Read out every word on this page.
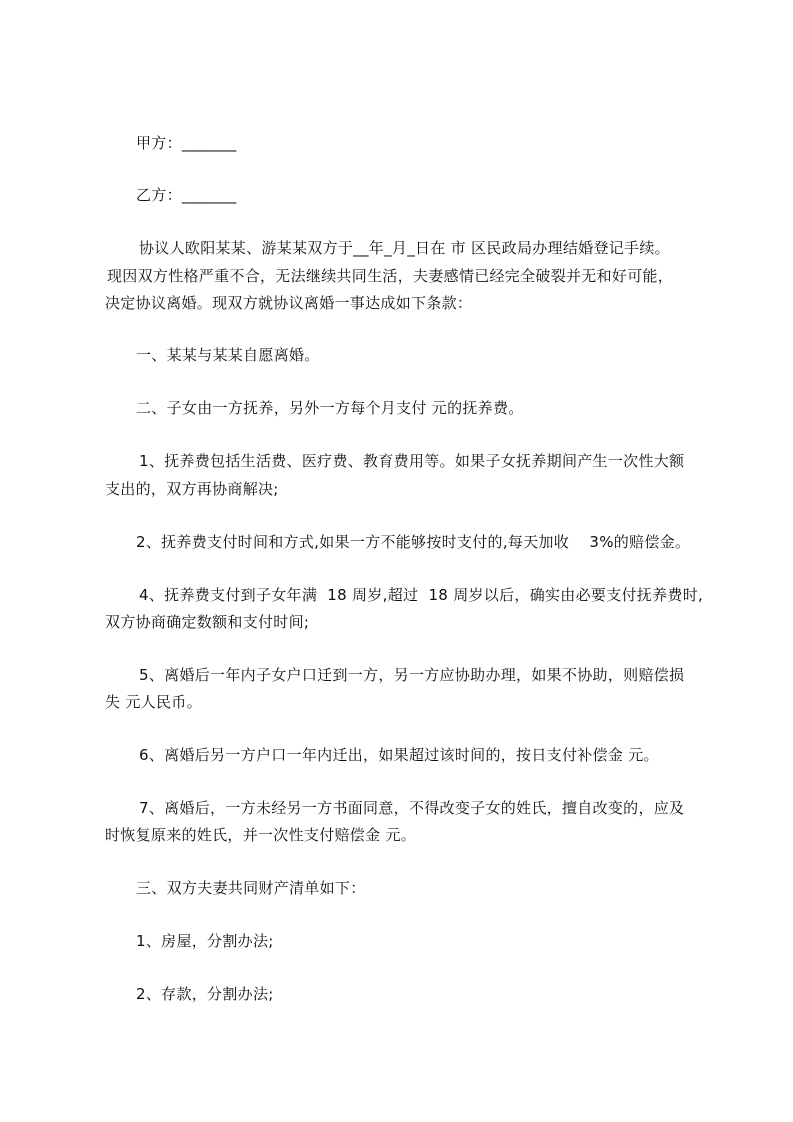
甲方：_______
乙方：_______
协议人欧阳某某、游某某双方于__年_月_日在 市 区民政局办理结婚登记手续。
现因双方性格严重不合，无法继续共同生活，夫妻感情已经完全破裂并无和好可能，
决定协议离婚。现双方就协议离婚一事达成如下条款：
一、某某与某某自愿离婚。
二、子女由一方抚养，另外一方每个月支付 元的抚养费。
1、抚养费包括生活费、医疗费、教育费用等。如果子女抚养期间产生一次性大额
支出的，双方再协商解决;
2、抚养费支付时间和方式,如果一方不能够按时支付的,每天加收    3%的赔偿金。
4、抚养费支付到子女年满  18 周岁,超过  18 周岁以后，确实由必要支付抚养费时,
双方协商确定数额和支付时间;
5、离婚后一年内子女户口迁到一方，另一方应协助办理，如果不协助，则赔偿损
失 元人民币。
6、离婚后另一方户口一年内迁出，如果超过该时间的，按日支付补偿金 元。
7、离婚后，一方未经另一方书面同意，不得改变子女的姓氏，擅自改变的，应及
时恢复原来的姓氏，并一次性支付赔偿金 元。
三、双方夫妻共同财产清单如下：
1、房屋，分割办法;
2、存款，分割办法;
